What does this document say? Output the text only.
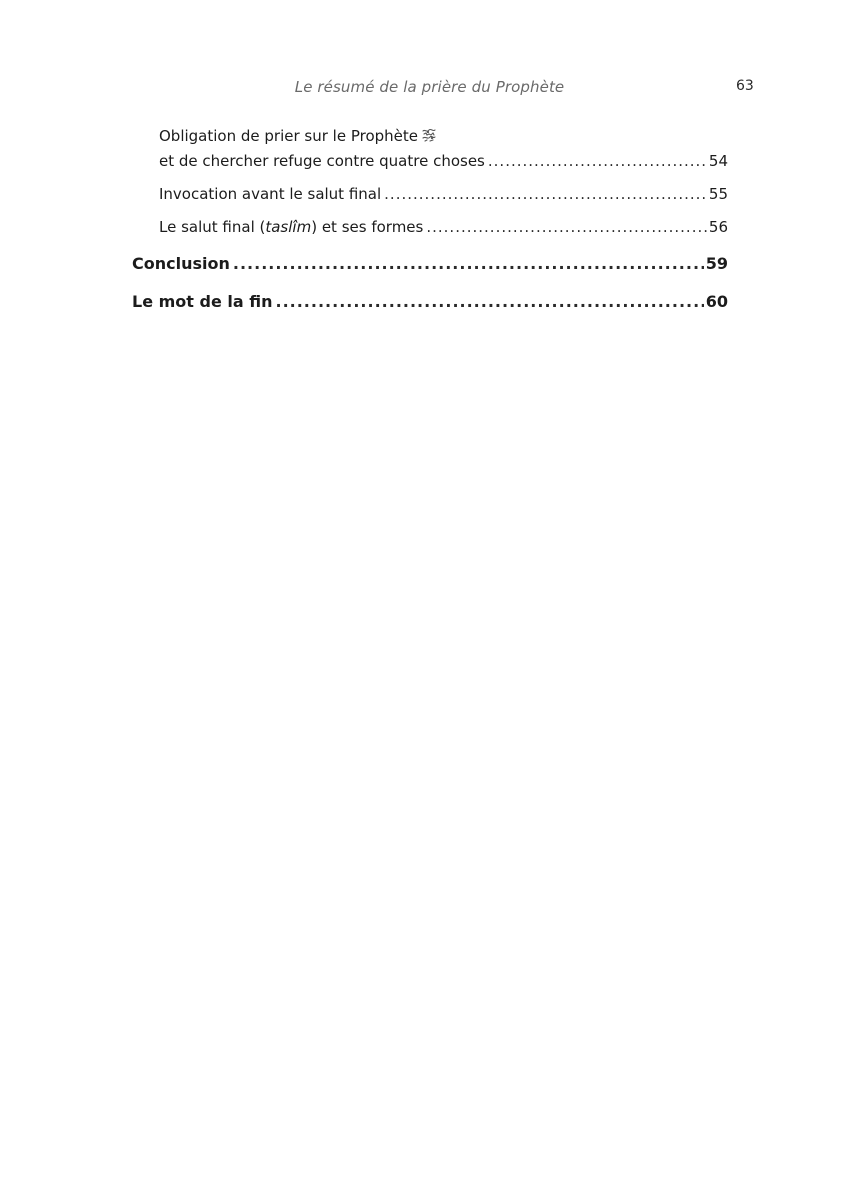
Le résumé de la prière du Prophète	63
Obligation de prier sur le Prophète
et de chercher refuge contre quatre choses .....	54
Invocation avant le salut final .....	55
Le salut final (taslîm) et ses formes .....	56
Conclusion .....	59
Le mot de la fin .....	60
